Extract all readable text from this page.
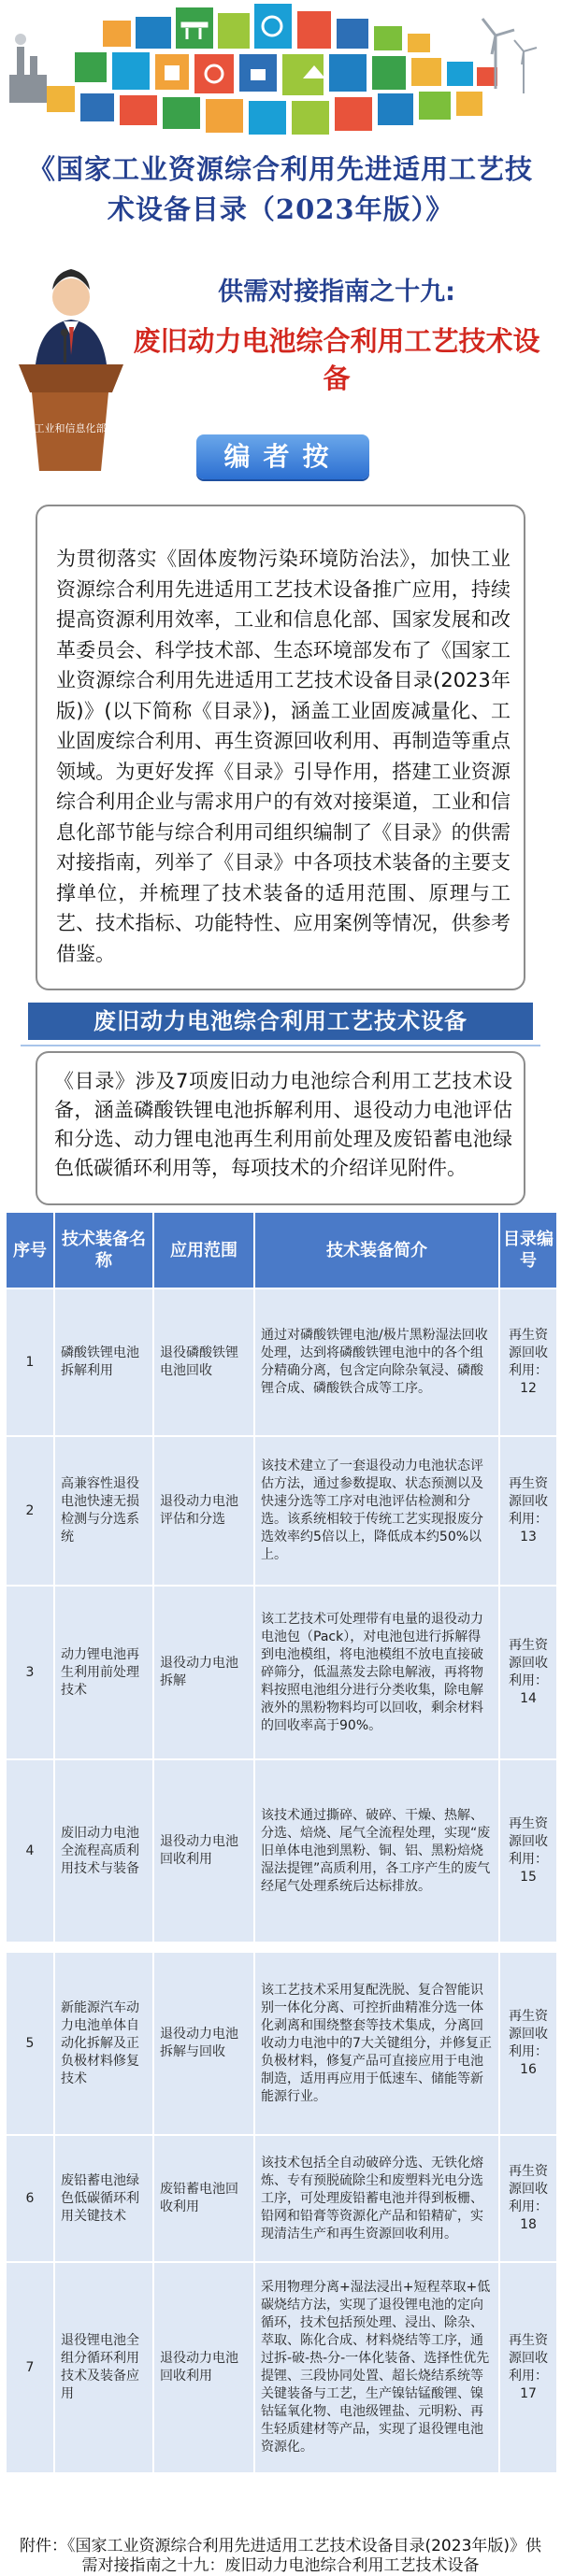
《国家工业资源综合利用先进适用工艺技术设备目录（2023年版）》
工业和信息化部
供需对接指南之十九:
废旧动力电池综合利用工艺技术设备
编者按
为贯彻落实《固体废物污染环境防治法》，加快工业资源综合利用先进适用工艺技术设备推广应用，持续提高资源利用效率，工业和信息化部、国家发展和改革委员会、科学技术部、生态环境部发布了《国家工业资源综合利用先进适用工艺技术设备目录(2023年版)》(以下简称《目录》)，涵盖工业固废减量化、工业固废综合利用、再生资源回收利用、再制造等重点领域。为更好发挥《目录》引导作用，搭建工业资源综合利用企业与需求用户的有效对接渠道，工业和信息化部节能与综合利用司组织编制了《目录》的供需对接指南，列举了《目录》中各项技术装备的主要支撑单位，并梳理了技术装备的适用范围、原理与工艺、技术指标、功能特性、应用案例等情况，供参考借鉴。
废旧动力电池综合利用工艺技术设备
《目录》涉及7项废旧动力电池综合利用工艺技术设备，涵盖磷酸铁锂电池拆解利用、退役动力电池评估和分选、动力锂电池再生利用前处理及废铅蓄电池绿色低碳循环利用等，每项技术的介绍详见附件。
序号	技术装备名称	应用范围	技术装备简介	目录编号
1	磷酸铁锂电池拆解利用	退役磷酸铁锂电池回收	通过对磷酸铁锂电池/极片黑粉湿法回收处理，达到将磷酸铁锂电池中的各个组分精确分离，包含定向除杂氧浸、磷酸锂合成、磷酸铁合成等工序。	再生资源回收利用：12
2	高兼容性退役电池快速无损检测与分选系统	退役动力电池评估和分选	该技术建立了一套退役动力电池状态评估方法，通过参数提取、状态预测以及快速分选等工序对电池评估检测和分选。该系统相较于传统工艺实现报废分选效率约5倍以上，降低成本约50%以上。	再生资源回收利用：13
3	动力锂电池再生利用前处理技术	退役动力电池拆解	该工艺技术可处理带有电量的退役动力电池包（Pack），对电池包进行拆解得到电池模组，将电池模组不放电直接破碎筛分，低温蒸发去除电解液，再将物料按照电池组分进行分类收集，除电解液外的黑粉物料均可以回收，剩余材料的回收率高于90%。	再生资源回收利用：14
4	废旧动力电池全流程高质利用技术与装备	退役动力电池回收利用	该技术通过撕碎、破碎、干燥、热解、分选、焙烧、尾气全流程处理，实现“废旧单体电池到黑粉、铜、铝、黑粉焙烧湿法提锂”高质利用，各工序产生的废气经尾气处理系统后达标排放。	再生资源回收利用：15

5	新能源汽车动力电池单体自动化拆解及正负极材料修复技术	退役动力电池拆解与回收	该工艺技术采用复配洗脱、复合智能识别一体化分离、可控折曲精准分选一体化剥离和围绕整套等技术集成，分离回收动力电池中的7大关键组分，并修复正负极材料，修复产品可直接应用于电池制造，适用再应用于低速车、储能等新能源行业。	再生资源回收利用：16
6	废铅蓄电池绿色低碳循环利用关键技术	废铅蓄电池回收利用	该技术包括全自动破碎分选、无铁化熔炼、专有预脱硫除尘和废塑料光电分选工序，可处理废铅蓄电池并得到板栅、铅网和铅膏等资源化产品和铅精矿，实现清洁生产和再生资源回收利用。	再生资源回收利用：18
7	退役锂电池全组分循环利用技术及装备应用	退役动力电池回收利用	采用物理分离+湿法浸出+短程萃取+低碳烧结方法，实现了退役锂电池的定向循环，技术包括预处理、浸出、除杂、萃取、陈化合成、材料烧结等工序，通过拆-破-热-分-一体化装备、选择性优先提锂、三段协同处置、超长烧结系统等关键装备与工艺，生产镍钴锰酸锂、镍钴锰氧化物、电池级锂盐、元明粉、再生轻质建材等产品，实现了退役锂电池资源化。	再生资源回收利用：17
附件：《国家工业资源综合利用先进适用工艺技术设备目录(2023年版)》供需对接指南之十九：废旧动力电池综合利用工艺技术设备
